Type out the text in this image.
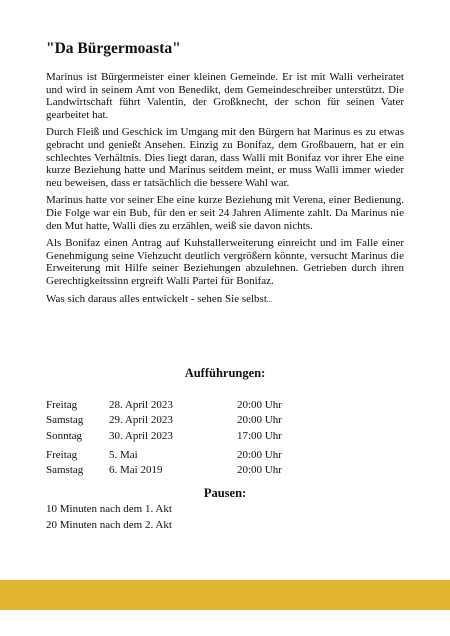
"Da Bürgermoasta"

Marinus ist Bürgermeister einer kleinen Gemeinde. Er ist mit Walli verheiratet und wird in seinem Amt von Benedikt, dem Gemeindeschreiber unterstützt. Die Landwirtschaft führt Valentin, der Großknecht, der schon für seinen Vater gearbeitet hat.

Durch Fleiß und Geschick im Umgang mit den Bürgern hat Marinus es zu etwas gebracht und genießt Ansehen. Einzig zu Bonifaz, dem Großbauern, hat er ein schlechtes Verhältnis. Dies liegt daran, dass Walli mit Bonifaz vor ihrer Ehe eine kurze Beziehung hatte und Marinus seitdem meint, er muss Walli immer wieder neu beweisen, dass er tatsächlich die bessere Wahl war.

Marinus hatte vor seiner Ehe eine kurze Beziehung mit Verena, einer Bedienung. Die Folge war ein Bub, für den er seit 24 Jahren Alimente zahlt. Da Marinus nie den Mut hatte, Walli dies zu erzählen, weiß sie davon nichts.

Als Bonifaz einen Antrag auf Kuhstallerweiterung einreicht und im Falle einer Genehmigung seine Viehzucht deutlich vergrößern könnte, versucht Marinus die Erweiterung mit Hilfe seiner Beziehungen abzulehnen. Getrieben durch ihren Gerechtigkeitssinn ergreift Walli Partei für Bonifaz.

Was sich daraus alles entwickelt - sehen Sie selbst...

Aufführungen:
Freitag	28. April 2023	20:00 Uhr
Samstag 29. April 2023	20:00 Uhr
Sonntag 30. April 2023	17:00 Uhr
Freitag	5. Mai	20:00 Uhr
Samstag 6. Mai 2019	20:00 Uhr
Pausen:
10 Minuten nach dem 1. Akt
20 Minuten nach dem 2. Akt
